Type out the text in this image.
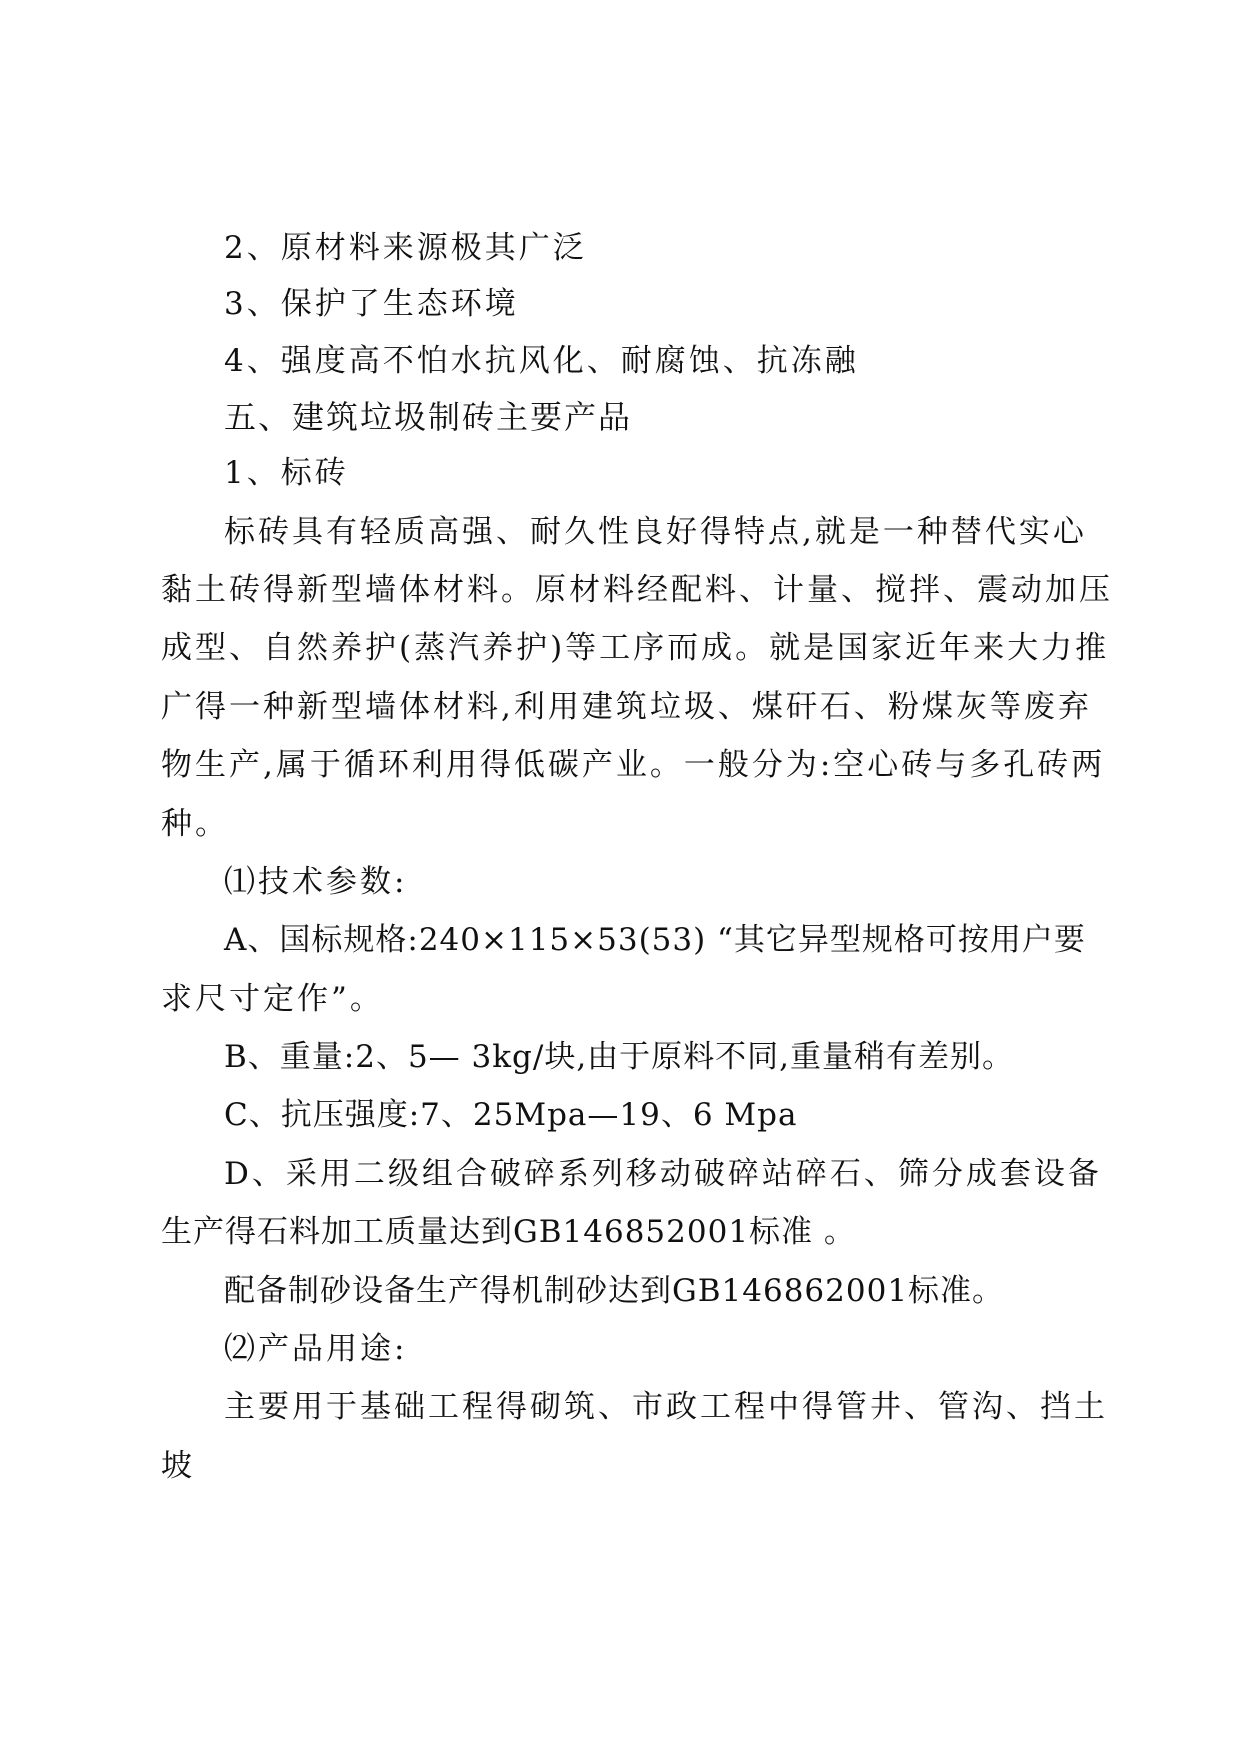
2、原材料来源极其广泛
3、保护了生态环境
4、强度高不怕水抗风化、耐腐蚀、抗冻融
五、建筑垃圾制砖主要产品
1、标砖
标砖具有轻质高强、耐久性良好得特点,就是一种替代实心
黏土砖得新型墙体材料。原材料经配料、计量、搅拌、震动加压
成型、自然养护(蒸汽养护)等工序而成。就是国家近年来大力推
广得一种新型墙体材料,利用建筑垃圾、煤矸石、粉煤灰等废弃
物生产,属于循环利用得低碳产业。一般分为:空心砖与多孔砖两
种。
⑴技术参数:
A、国标规格:240×115×53(53) “其它异型规格可按用户要
求尺寸定作”。
B、重量:2、5— 3kg/块,由于原料不同,重量稍有差别。
C、抗压强度:7、25Mpa—19、6 Mpa
D、采用二级组合破碎系列移动破碎站碎石、筛分成套设备
生产得石料加工质量达到GB146852001标准 。
配备制砂设备生产得机制砂达到GB146862001标准。
⑵产品用途:
主要用于基础工程得砌筑、市政工程中得管井、管沟、挡土
坡
